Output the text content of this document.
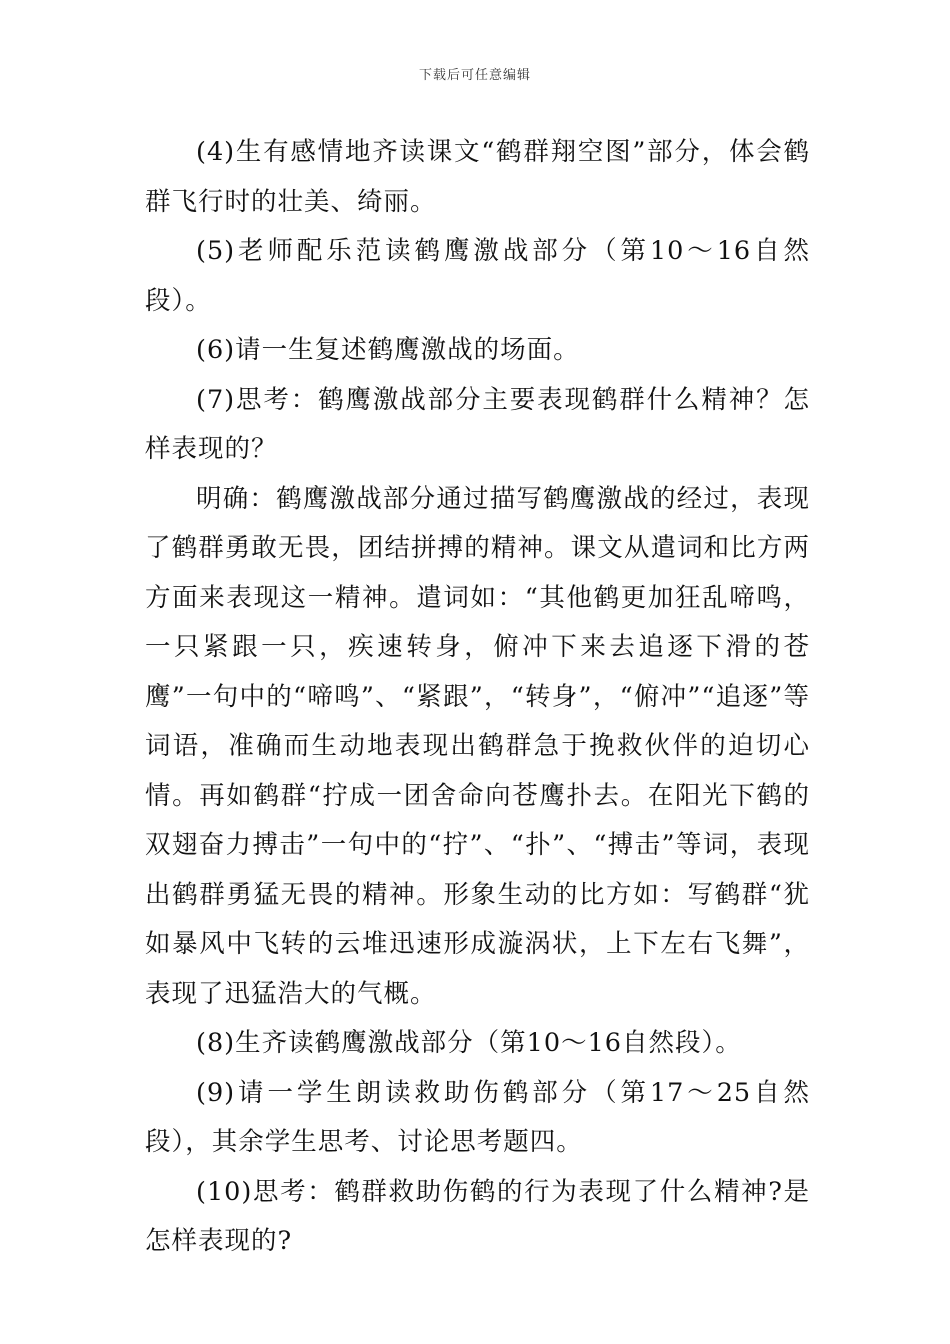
下载后可任意编辑

(4)生有感情地齐读课文“鹤群翔空图”部分，体会鹤群飞行时的壮美、绮丽。

(5)老师配乐范读鹤鹰激战部分（第10～16自然段）。

(6)请一生复述鹤鹰激战的场面。

(7)思考：鹤鹰激战部分主要表现鹤群什么精神？怎样表现的？

明确：鹤鹰激战部分通过描写鹤鹰激战的经过，表现了鹤群勇敢无畏，团结拼搏的精神。课文从遣词和比方两方面来表现这一精神。遣词如：“其他鹤更加狂乱啼鸣，一只紧跟一只，疾速转身，俯冲下来去追逐下滑的苍鹰”一句中的“啼鸣”、“紧跟”，“转身”，“俯冲”“追逐”等词语，准确而生动地表现出鹤群急于挽救伙伴的迫切心情。再如鹤群“拧成一团舍命向苍鹰扑去。在阳光下鹤的双翅奋力搏击”一句中的“拧”、“扑”、“搏击”等词，表现出鹤群勇猛无畏的精神。形象生动的比方如：写鹤群“犹如暴风中飞转的云堆迅速形成漩涡状，上下左右飞舞”，表现了迅猛浩大的气概。

(8)生齐读鹤鹰激战部分（第10～16自然段）。

(9)请一学生朗读救助伤鹤部分（第17～25自然段），其余学生思考、讨论思考题四。

(10)思考：鹤群救助伤鹤的行为表现了什么精神?是怎样表现的?
